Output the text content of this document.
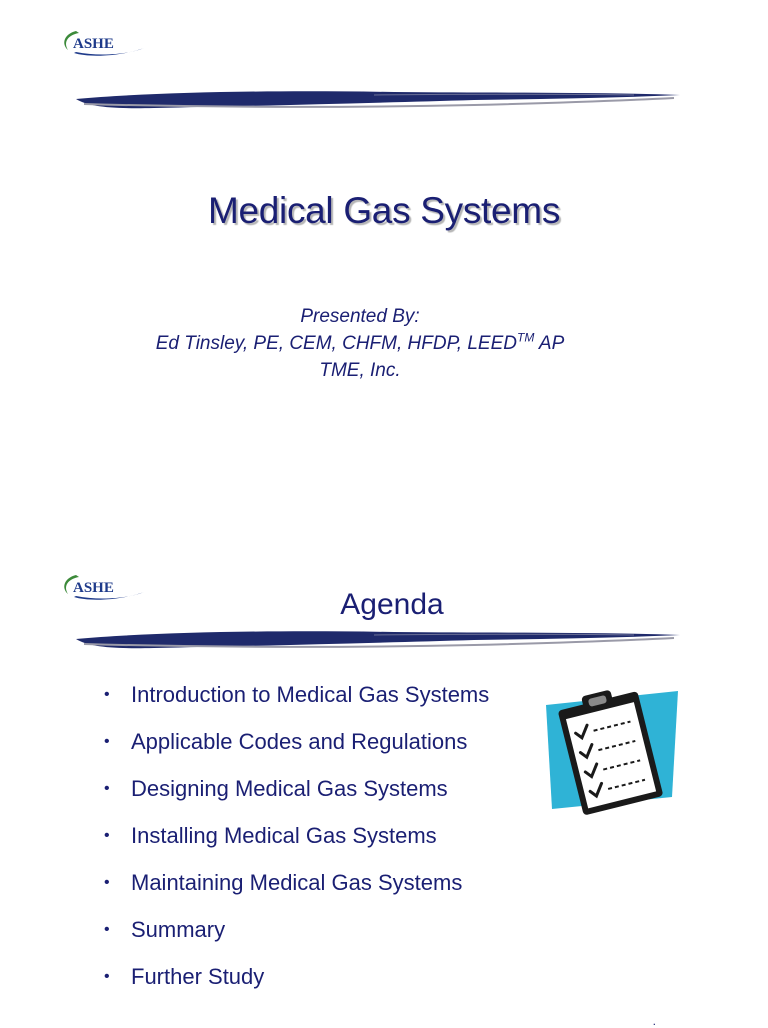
ASHE
Medical Gas Systems
Presented By:
Ed Tinsley, PE, CEM, CHFM, HFDP, LEED™ AP
TME, Inc.
ASHE	Agenda
• Introduction to Medical Gas Systems
• Applicable Codes and Regulations
• Designing Medical Gas Systems
• Installing Medical Gas Systems
• Maintaining Medical Gas Systems
• Summary
• Further Study
.
